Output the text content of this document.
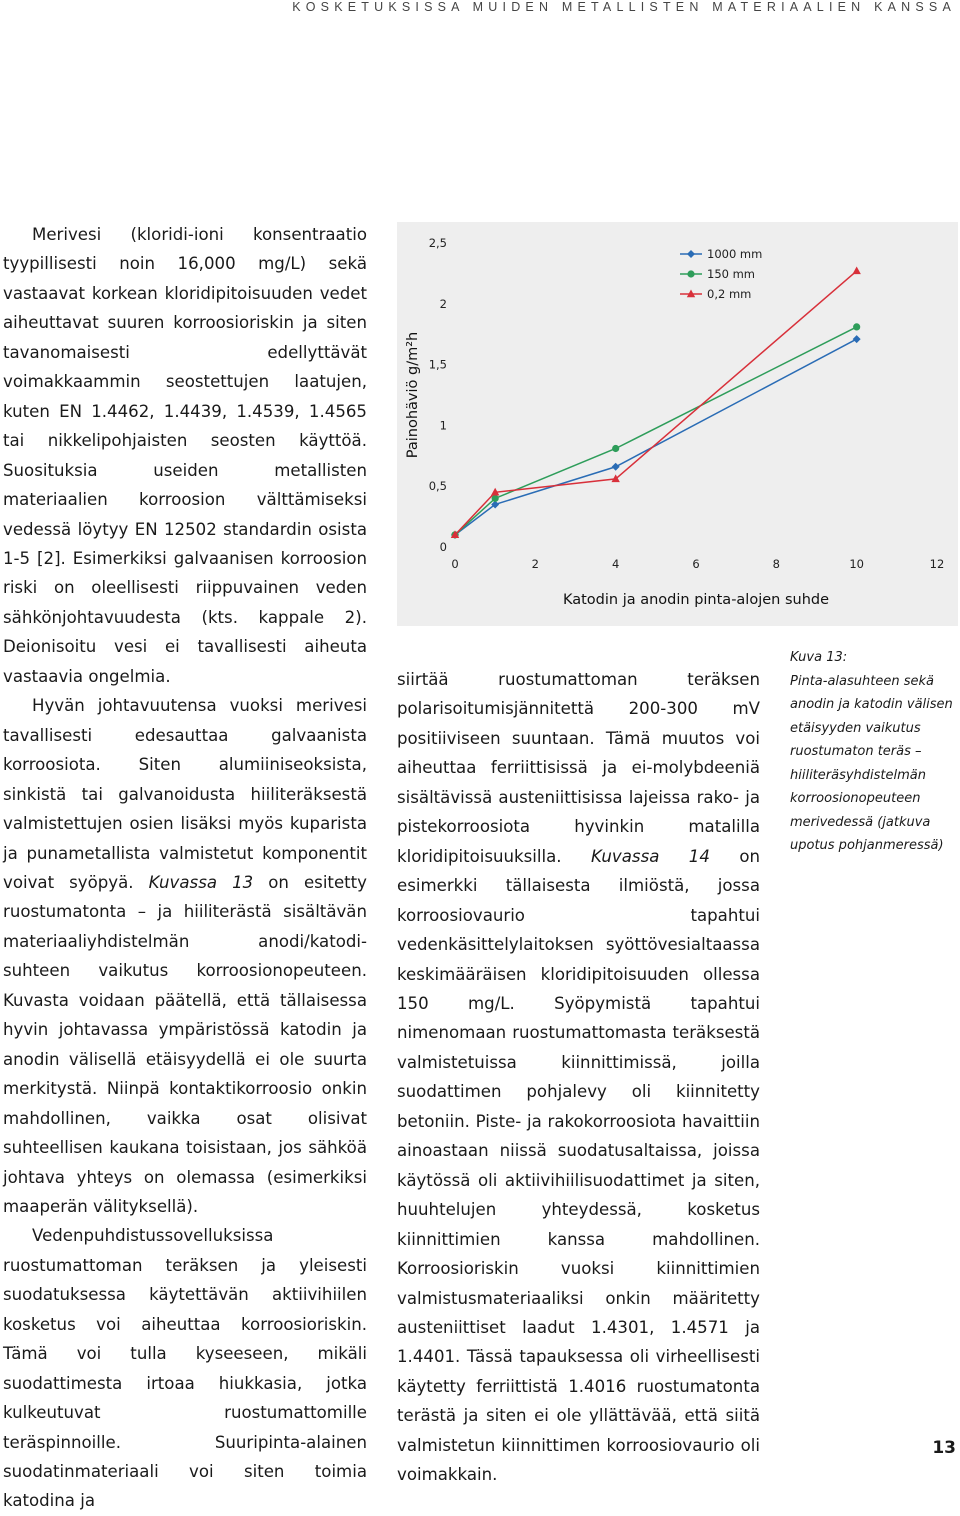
KOSKETUKSISSA MUIDEN METALLISTEN MATERIAALIEN KANSSA

Merivesi (kloridi-ioni konsentraatio tyypillisesti noin 16,000 mg/L) sekä vastaavat korkean kloridipitoisuuden vedet aiheuttavat suuren korroosioriskin ja siten tavanomaisesti edellyttävät voimakkaammin seostettujen laatujen, kuten EN 1.4462, 1.4439, 1.4539, 1.4565 tai nikkelipohjaisten seosten käyttöä. Suosituksia useiden metallisten materiaalien korroosion välttämiseksi vedessä löytyy EN 12502 standardin osista 1-5 [2]. Esimerkiksi galvaanisen korroosion riski on oleellisesti riippuvainen veden sähkönjohtavuudesta (kts. kappale 2). Deionisoitu vesi ei tavallisesti aiheuta vastaavia ongelmia.

Hyvän johtavuutensa vuoksi merivesi tavallisesti edesauttaa galvaanista korroosiota. Siten alumiiniseoksista, sinkistä tai galvanoidusta hiiliteräksestä valmistettujen osien lisäksi myös kuparista ja punametallista valmistetut komponentit voivat syöpyä. Kuvassa 13 on esitetty ruostumatonta – ja hiiliterästä sisältävän materiaaliyhdistelmän anodi/katodi-suhteen vaikutus korroosionopeuteen. Kuvasta voidaan päätellä, että tällaisessa hyvin johtavassa ympäristössä katodin ja anodin välisellä etäisyydellä ei ole suurta merkitystä. Niinpä kontaktikorroosio onkin mahdollinen, vaikka osat olisivat suhteellisen kaukana toisistaan, jos sähköä johtava yhteys on olemassa (esimerkiksi maaperän välityksellä).

Vedenpuhdistussovelluksissa ruostumattoman teräksen ja yleisesti suodatuksessa käytettävän aktiivihiilen kosketus voi aiheuttaa korroosioriskin. Tämä voi tulla kyseeseen, mikäli suodattimesta irtoaa hiukkasia, jotka kulkeutuvat ruostumattomille teräspinnoille. Suuripinta-alainen suodatinmateriaali voi siten toimia katodina ja

0
0,5
1
1,5
2
2,5
0	2	4	6	8	10	12
Katodin ja anodin pinta-alojen suhde
Painohäviö g/m²h
1000 mm
150 mm
0,2 mm
Kuva 13:
Pinta-alasuhteen sekä anodin ja katodin välisen etäisyyden vaikutus ruostumaton teräs – hiiliteräsyhdistelmän korroosionopeuteen merivedessä (jatkuva upotus pohjanmeressä)

siirtää ruostumattoman teräksen polarisoitumisjännitettä 200-300 mV positiiviseen suuntaan. Tämä muutos voi aiheuttaa ferriittisissä ja ei-molybdeeniä sisältävissä austeniittisissa lajeissa rako- ja pistekorroosiota hyvinkin matalilla kloridipitoisuuksilla. Kuvassa 14 on esimerkki tällaisesta ilmiöstä, jossa korroosiovaurio tapahtui vedenkäsittelylaitoksen syöttövesialtaassa keskimääräisen kloridipitoisuuden ollessa 150 mg/L. Syöpymistä tapahtui nimenomaan ruostumattomasta teräksestä valmistetuissa kiinnittimissä, joilla suodattimen pohjalevy oli kiinnitetty betoniin. Piste- ja rakokorroosiota havaittiin ainoastaan niissä suodatusaltaissa, joissa käytössä oli aktiivihiilisuodattimet ja siten, huuhtelujen yhteydessä, kosketus kiinnittimien kanssa mahdollinen. Korroosioriskin vuoksi kiinnittimien valmistusmateriaaliksi onkin määritetty austeniittiset laadut 1.4301, 1.4571 ja 1.4401. Tässä tapauksessa oli virheellisesti käytetty ferriittistä 1.4016 ruostumatonta terästä ja siten ei ole yllättävää, että siitä valmistetun kiinnittimen korroosiovaurio oli voimakkain.

13
